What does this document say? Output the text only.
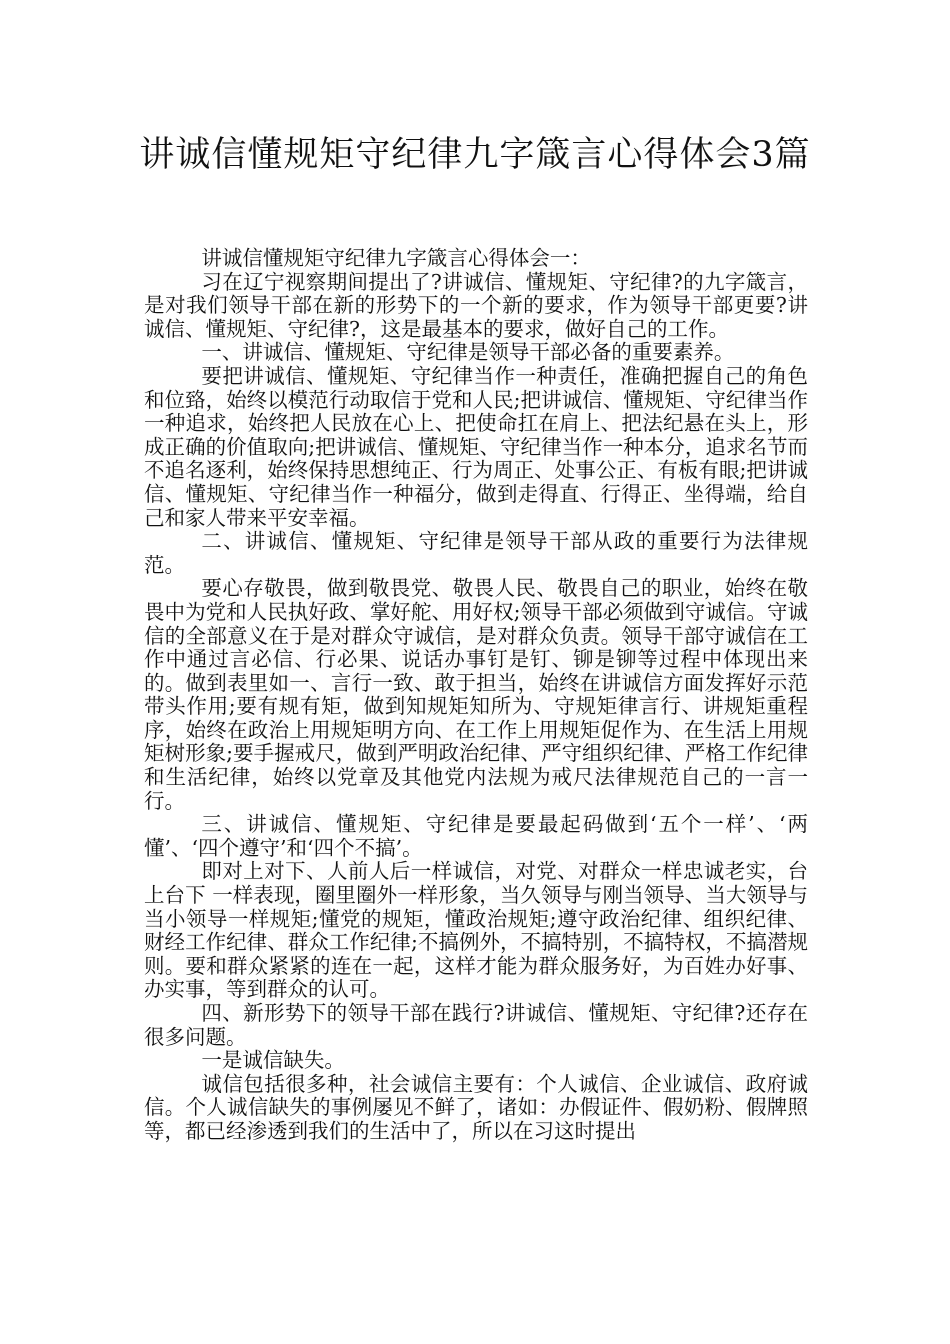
讲诚信懂规矩守纪律九字箴言心得体会3篇

讲诚信懂规矩守纪律九字箴言心得体会一：

习在辽宁视察期间提出了?讲诚信、懂规矩、守纪律?的九字箴言，是对我们领导干部在新的形势下的一个新的要求，作为领导干部更要?讲诚信、懂规矩、守纪律?，这是最基本的要求，做好自己的工作。

一、讲诚信、懂规矩、守纪律是领导干部必备的重要素养。

要把讲诚信、懂规矩、守纪律当作一种责任，准确把握自己的角色和位臵，始终以模范行动取信于党和人民;把讲诚信、懂规矩、守纪律当作一种追求，始终把人民放在心上、把使命扛在肩上、把法纪悬在头上，形成正确的价值取向;把讲诚信、懂规矩、守纪律当作一种本分，追求名节而不追名逐利，始终保持思想纯正、行为周正、处事公正、有板有眼;把讲诚信、懂规矩、守纪律当作一种福分，做到走得直、行得正、坐得端，给自己和家人带来平安幸福。

二、讲诚信、懂规矩、守纪律是领导干部从政的重要行为法律规范。

要心存敬畏，做到敬畏党、敬畏人民、敬畏自己的职业，始终在敬畏中为党和人民执好政、掌好舵、用好权;领导干部必须做到守诚信。守诚信的全部意义在于是对群众守诚信，是对群众负责。领导干部守诚信在工作中通过言必信、行必果、说话办事钉是钉、铆是铆等过程中体现出来的。做到表里如一、言行一致、敢于担当，始终在讲诚信方面发挥好示范带头作用;要有规有矩，做到知规矩知所为、守规矩律言行、讲规矩重程序，始终在政治上用规矩明方向、在工作上用规矩促作为、在生活上用规矩树形象;要手握戒尺，做到严明政治纪律、严守组织纪律、严格工作纪律和生活纪律，始终以党章及其他党内法规为戒尺法律规范自己的一言一行。

三、讲诚信、懂规矩、守纪律是要最起码做到‘五个一样’、‘两懂’、‘四个遵守’和‘四个不搞’。

即对上对下、人前人后一样诚信，对党、对群众一样忠诚老实，台上台下 一样表现，圈里圈外一样形象，当久领导与刚当领导、当大领导与当小领导一样规矩;懂党的规矩，懂政治规矩;遵守政治纪律、组织纪律、财经工作纪律、群众工作纪律;不搞例外，不搞特别，不搞特权，不搞潜规则。要和群众紧紧的连在一起，这样才能为群众服务好，为百姓办好事、办实事，等到群众的认可。

四、新形势下的领导干部在践行?讲诚信、懂规矩、守纪律?还存在很多问题。

一是诚信缺失。

诚信包括很多种，社会诚信主要有：个人诚信、企业诚信、政府诚信。个人诚信缺失的事例屡见不鲜了，诸如：办假证件、假奶粉、假牌照等，都已经渗透到我们的生活中了，所以在习这时提出
